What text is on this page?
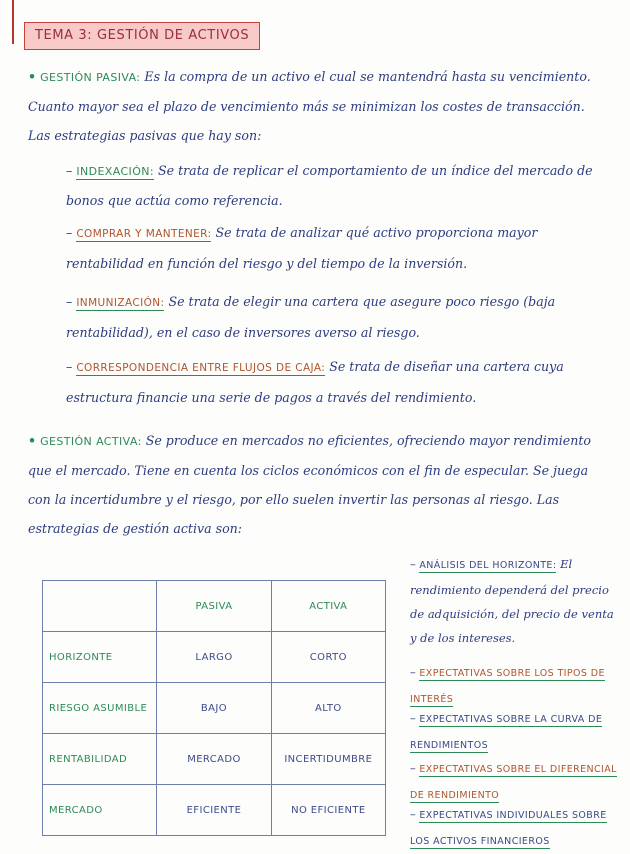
TEMA 3: GESTIÓN DE ACTIVOS
• GESTIÓN PASIVA: Es la compra de un activo el cual se mantendrá hasta su vencimiento. Cuanto mayor sea el plazo de vencimiento más se minimizan los costes de transacción. Las estrategias pasivas que hay son:
– INDEXACIÓN: Se trata de replicar el comportamiento de un índice del mercado de bonos que actúa como referencia.
– COMPRAR Y MANTENER: Se trata de analizar qué activo proporciona mayor rentabilidad en función del riesgo y del tiempo de la inversión.
– INMUNIZACIÓN: Se trata de elegir una cartera que asegure poco riesgo (baja rentabilidad), en el caso de inversores averso al riesgo.
– CORRESPONDENCIA ENTRE FLUJOS DE CAJA: Se trata de diseñar una cartera cuya estructura financie una serie de pagos a través del rendimiento.
• GESTIÓN ACTIVA: Se produce en mercados no eficientes, ofreciendo mayor rendimiento que el mercado. Tiene en cuenta los ciclos económicos con el fin de especular. Se juega con la incertidumbre y el riesgo, por ello suelen invertir las personas al riesgo. Las estrategias de gestión activa son:
	PASIVA	ACTIVA
HORIZONTE	LARGO	CORTO
RIESGO ASUMIBLE	BAJO	ALTO
RENTABILIDAD	MERCADO	INCERTIDUMBRE
MERCADO	EFICIENTE	NO EFICIENTE
– ANÁLISIS DEL HORIZONTE: El rendimiento dependerá del precio de adquisición, del precio de venta y de los intereses.
– EXPECTATIVAS SOBRE LOS TIPOS DE INTERÉS
– EXPECTATIVAS SOBRE LA CURVA DE RENDIMIENTOS
– EXPECTATIVAS SOBRE EL DIFERENCIAL DE RENDIMIENTO
– EXPECTATIVAS INDIVIDUALES SOBRE LOS ACTIVOS FINANCIEROS
